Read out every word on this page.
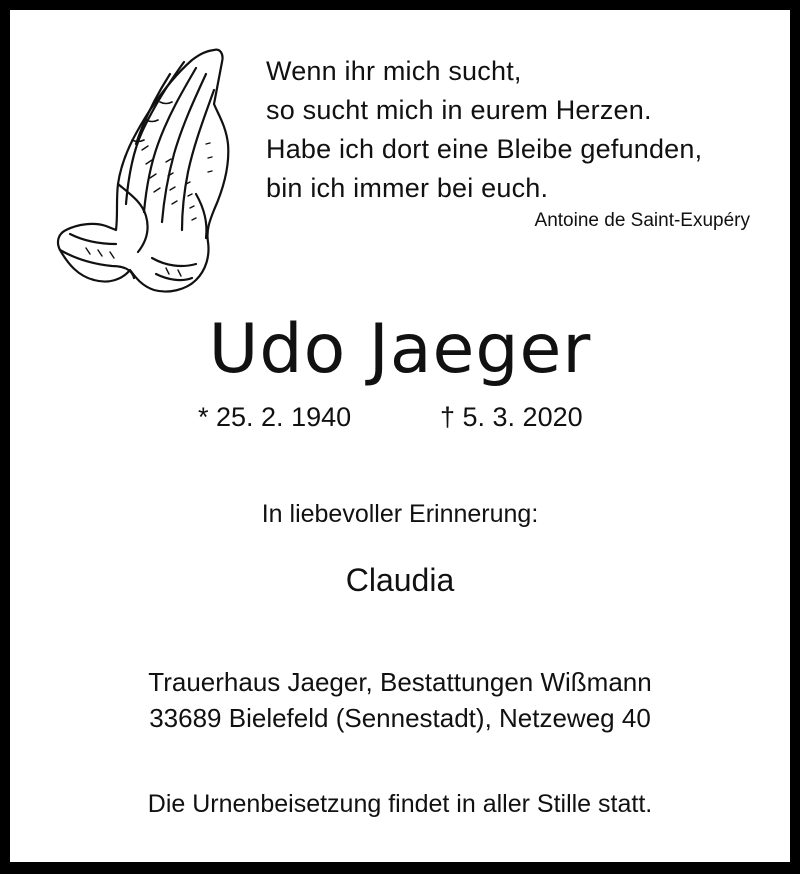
Wenn ihr mich sucht,
so sucht mich in eurem Herzen.
Habe ich dort eine Bleibe gefunden,
bin ich immer bei euch.
Antoine de Saint-Exupéry
Udo Jaeger
* 25. 2. 1940	† 5. 3. 2020
In liebevoller Erinnerung:
Claudia
Trauerhaus Jaeger, Bestattungen Wißmann
33689 Bielefeld (Sennestadt), Netzeweg 40
Die Urnenbeisetzung findet in aller Stille statt.
